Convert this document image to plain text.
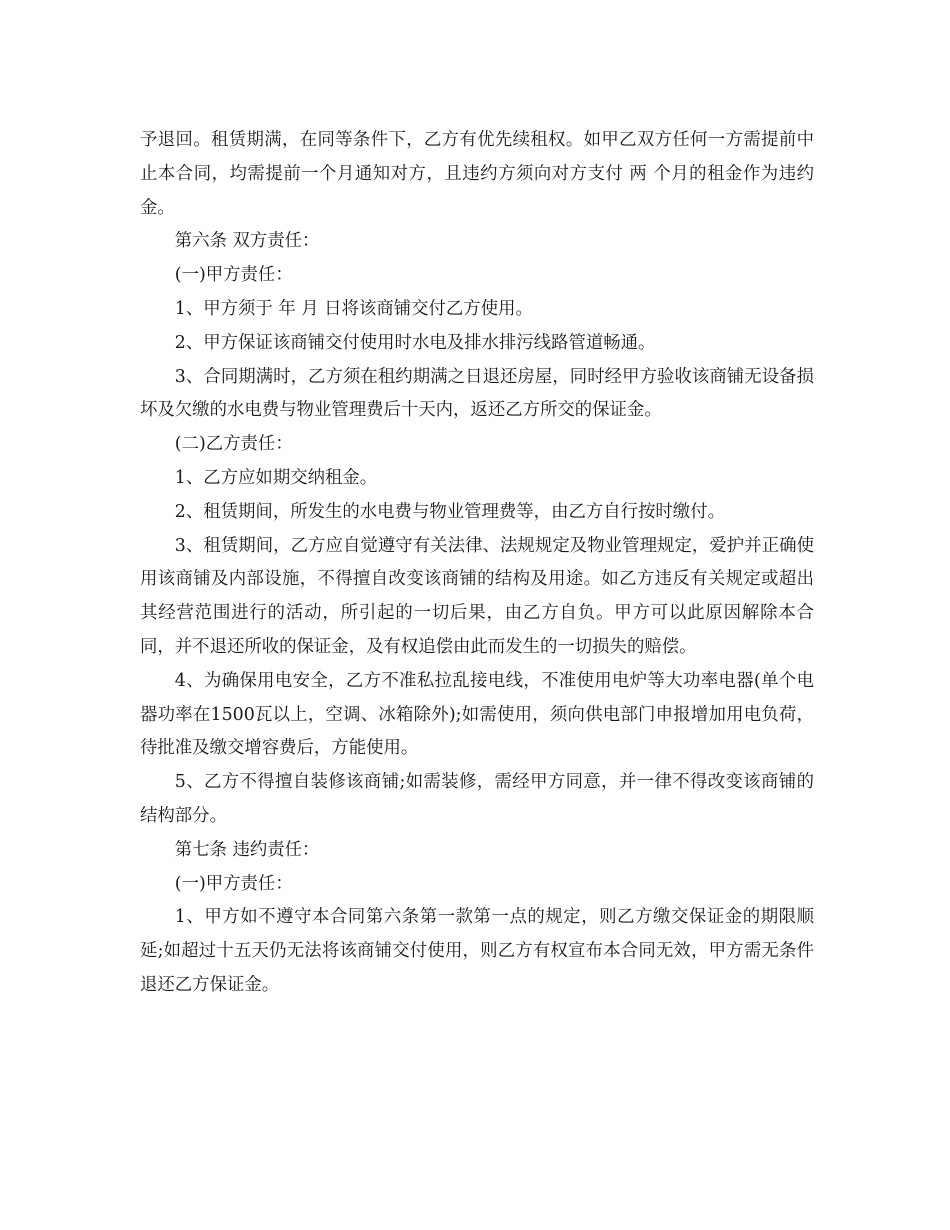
予退回。租赁期满，在同等条件下，乙方有优先续租权。如甲乙双方任何一方需提前中止本合同，均需提前一个月通知对方，且违约方须向对方支付 两 个月的租金作为违约金。

第六条 双方责任：

(一)甲方责任：

1、甲方须于 年 月 日将该商铺交付乙方使用。

2、甲方保证该商铺交付使用时水电及排水排污线路管道畅通。

3、合同期满时，乙方须在租约期满之日退还房屋，同时经甲方验收该商铺无设备损坏及欠缴的水电费与物业管理费后十天内，返还乙方所交的保证金。

(二)乙方责任：

1、乙方应如期交纳租金。

2、租赁期间，所发生的水电费与物业管理费等，由乙方自行按时缴付。

3、租赁期间，乙方应自觉遵守有关法律、法规规定及物业管理规定，爱护并正确使用该商铺及内部设施，不得擅自改变该商铺的结构及用途。如乙方违反有关规定或超出其经营范围进行的活动，所引起的一切后果，由乙方自负。甲方可以此原因解除本合同，并不退还所收的保证金，及有权追偿由此而发生的一切损失的赔偿。

4、为确保用电安全，乙方不准私拉乱接电线，不准使用电炉等大功率电器(单个电器功率在1500瓦以上，空调、冰箱除外);如需使用，须向供电部门申报增加用电负荷，待批准及缴交增容费后，方能使用。

5、乙方不得擅自装修该商铺;如需装修，需经甲方同意，并一律不得改变该商铺的结构部分。

第七条 违约责任：

(一)甲方责任：

1、甲方如不遵守本合同第六条第一款第一点的规定，则乙方缴交保证金的期限顺延;如超过十五天仍无法将该商铺交付使用，则乙方有权宣布本合同无效，甲方需无条件退还乙方保证金。
